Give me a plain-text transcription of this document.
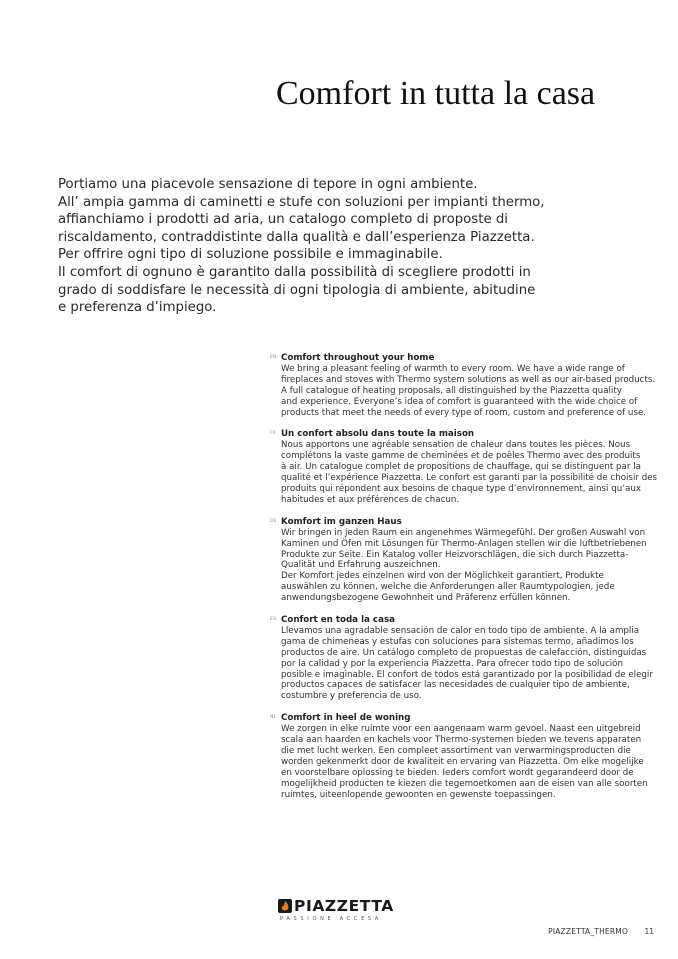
Comfort in tutta la casa

Portiamo una piacevole sensazione di tepore in ogni ambiente.

All’ ampia gamma di caminetti e stufe con soluzioni per impianti thermo,

affianchiamo i prodotti ad aria, un catalogo completo di proposte di

riscaldamento, contraddistinte dalla qualità e dall’esperienza Piazzetta.

Per offrire ogni tipo di soluzione possibile e immaginabile.

Il comfort di ognuno è garantito dalla possibilità di scegliere prodotti in

grado di soddisfare le necessità di ogni tipologia di ambiente, abitudine

e preferenza d’impiego.

EN Comfort throughout your home

We bring a pleasant feeling of warmth to every room. We have a wide range of

fireplaces and stoves with Thermo system solutions as well as our air-based products.

A full catalogue of heating proposals, all distinguished by the Piazzetta quality

and experience. Everyone’s idea of comfort is guaranteed with the wide choice of

products that meet the needs of every type of room, custom and preference of use.

FR Un confort absolu dans toute la maison

Nous apportons une agréable sensation de chaleur dans toutes les pièces. Nous

complétons la vaste gamme de cheminées et de poêles Thermo avec des produits

à air. Un catalogue complet de propositions de chauffage, qui se distinguent par la

qualité et l’expérience Piazzetta. Le confort est garanti par la possibilité de choisir des

produits qui répondent aux besoins de chaque type d’environnement, ainsi qu’aux

habitudes et aux préférences de chacun.

DE Komfort im ganzen Haus

Wir bringen in jeden Raum ein angenehmes Wärmegefühl. Der großen Auswahl von

Kaminen und Öfen mit Lösungen für Thermo-Anlagen stellen wir die luftbetriebenen

Produkte zur Seite. Ein Katalog voller Heizvorschlägen, die sich durch Piazzetta-

Qualität und Erfahrung auszeichnen.

Der Komfort jedes einzelnen wird von der Möglichkeit garantiert, Produkte

auswählen zu können, welche die Anforderungen aller Raumtypologien, jede

anwendungsbezogene Gewohnheit und Präferenz erfüllen können.

ES Confort en toda la casa

Llevamos una agradable sensación de calor en todo tipo de ambiente. A la amplia

gama de chimeneas y estufas con soluciones para sistemas termo, añadimos los

productos de aire. Un catálogo completo de propuestas de calefacción, distinguidas

por la calidad y por la experiencia Piazzetta. Para ofrecer todo tipo de solución

posible e imaginable. El confort de todos está garantizado por la posibilidad de elegir

productos capaces de satisfacer las necesidades de cualquier tipo de ambiente,

costumbre y preferencia de uso.

NL Comfort in heel de woning

We zorgen in elke ruimte voor een aangenaam warm gevoel. Naast een uitgebreid

scala aan haarden en kachels voor Thermo-systemen bieden we tevens apparaten

die met lucht werken. Een compleet assortiment van verwarmingsproducten die

worden gekenmerkt door de kwaliteit en ervaring van Piazzetta. Om elke mogelijke

en voorstelbare oplossing te bieden. Ieders comfort wordt gegarandeerd door de

mogelijkheid producten te kiezen die tegemoetkomen aan de eisen van alle soorten

ruimtes, uiteenlopende gewoonten en gewenste toepassingen.

PIAZZETTA

PASSIONE ACCESA

PIAZZETTA_THERMO 11
